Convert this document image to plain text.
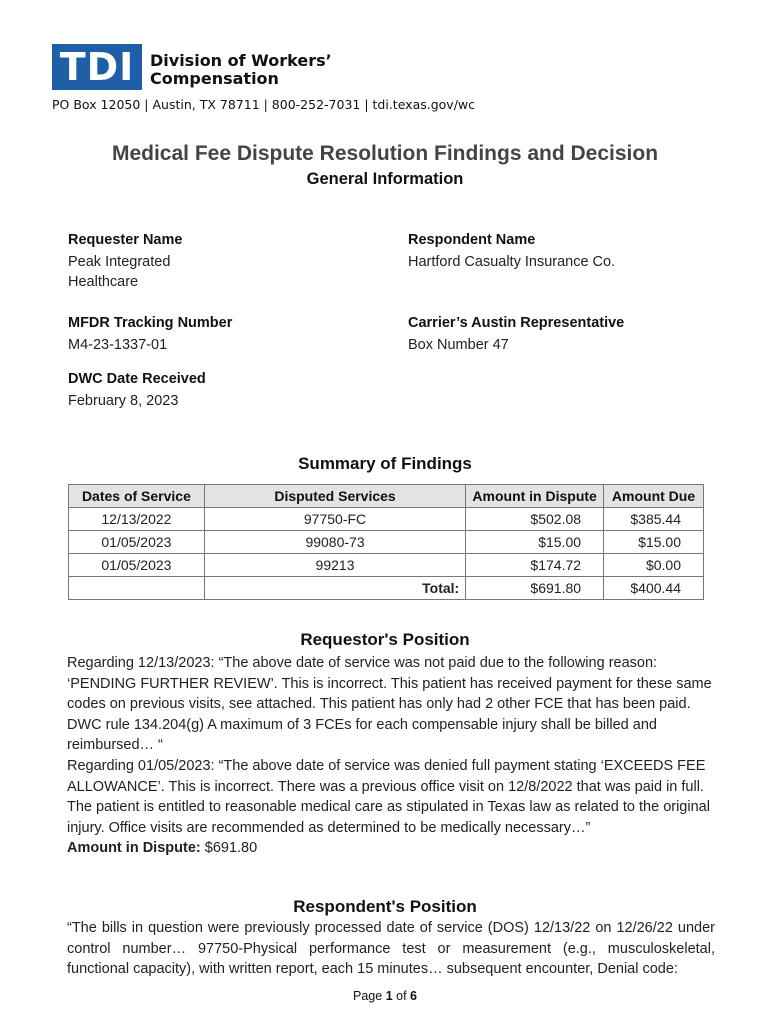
TDI Division of Workers’
Compensation
PO Box 12050 | Austin, TX 78711 | 800-252-7031 | tdi.texas.gov/wc
Medical Fee Dispute Resolution Findings and Decision
General Information
Requester Name
Peak Integrated
Healthcare
Respondent Name
Hartford Casualty Insurance Co.
MFDR Tracking Number
M4-23-1337-01
Carrier’s Austin Representative
Box Number 47
DWC Date Received
February 8, 2023
Summary of Findings
Dates of Service	Disputed Services	Amount in Dispute	Amount Due
12/13/2022	97750-FC	$502.08	$385.44
01/05/2023	99080-73	$15.00	$15.00
01/05/2023	99213	$174.72	$0.00
	Total:	$691.80	$400.44
Requestor's Position

Regarding 12/13/2023: “The above date of service was not paid due to the following reason: ‘PENDING FURTHER REVIEW’. This is incorrect. This patient has received payment for these same codes on previous visits, see attached. This patient has only had 2 other FCE that has been paid. DWC rule 134.204(g) A maximum of 3 FCEs for each compensable injury shall be billed and reimbursed… “

Regarding 01/05/2023: “The above date of service was denied full payment stating ‘EXCEEDS FEE ALLOWANCE’. This is incorrect. There was a previous office visit on 12/8/2022 that was paid in full.

The patient is entitled to reasonable medical care as stipulated in Texas law as related to the original injury. Office visits are recommended as determined to be medically necessary…”

Amount in Dispute: $691.80

Respondent's Position

“The bills in question were previously processed date of service (DOS) 12/13/22 on 12/26/22 under control number… 97750-Physical performance test or measurement (e.g., musculoskeletal, functional capacity), with written report, each 15 minutes… subsequent encounter, Denial code:

Page 1 of 6
